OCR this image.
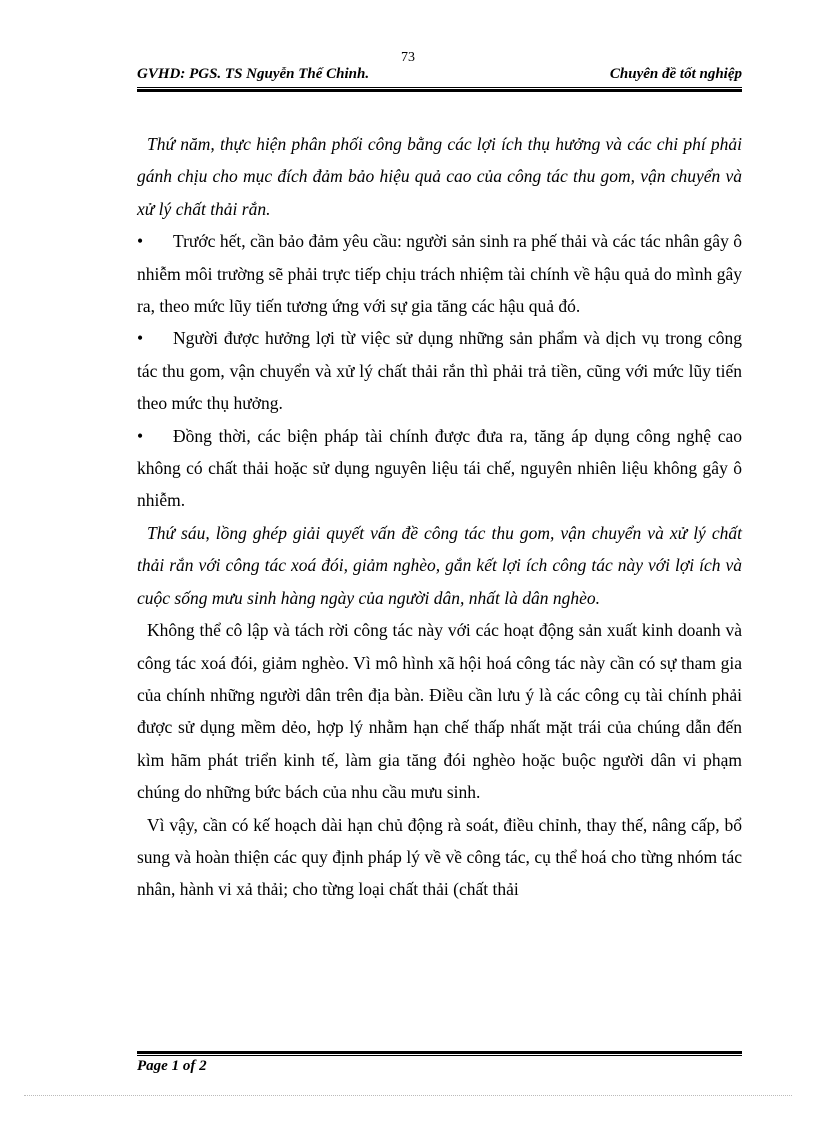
73
GVHD: PGS. TS Nguyễn Thế Chinh.	Chuyên đề tốt nghiệp

Thứ năm, thực hiện phân phối công bằng các lợi ích thụ hưởng và các chi phí phải gánh chịu cho mục đích đảm bảo hiệu quả cao của công tác thu gom, vận chuyển và xử lý chất thải rắn.

• Trước hết, cần bảo đảm yêu cầu: người sản sinh ra phế thải và các tác nhân gây ô nhiễm môi trường sẽ phải trực tiếp chịu trách nhiệm tài chính về hậu quả do mình gây ra, theo mức lũy tiến tương ứng với sự gia tăng các hậu quả đó.

• Người được hưởng lợi từ việc sử dụng những sản phẩm và dịch vụ trong công tác thu gom, vận chuyển và xử lý chất thải rắn thì phải trả tiền, cũng với mức lũy tiến theo mức thụ hưởng.

• Đồng thời, các biện pháp tài chính được đưa ra, tăng áp dụng công nghệ cao không có chất thải hoặc sử dụng nguyên liệu tái chế, nguyên nhiên liệu không gây ô nhiễm.

Thứ sáu, lồng ghép giải quyết vấn đề công tác thu gom, vận chuyển và xử lý chất thải rắn với công tác xoá đói, giảm nghèo, gắn kết lợi ích công tác này với lợi ích và cuộc sống mưu sinh hàng ngày của người dân, nhất là dân nghèo.

Không thể cô lập và tách rời công tác này với các hoạt động sản xuất kinh doanh và công tác xoá đói, giảm nghèo. Vì mô hình xã hội hoá công tác này cần có sự tham gia của chính những người dân trên địa bàn. Điều cần lưu ý là các công cụ tài chính phải được sử dụng mềm dẻo, hợp lý nhằm hạn chế thấp nhất mặt trái của chúng dẫn đến kìm hãm phát triển kinh tế, làm gia tăng đói nghèo hoặc buộc người dân vi phạm chúng do những bức bách của nhu cầu mưu sinh.

Vì vậy, cần có kế hoạch dài hạn chủ động rà soát, điều chỉnh, thay thế, nâng cấp, bổ sung và hoàn thiện các quy định pháp lý về về công tác, cụ thể hoá cho từng nhóm tác nhân, hành vi xả thải; cho từng loại chất thải (chất thải

Page 1 of 2
